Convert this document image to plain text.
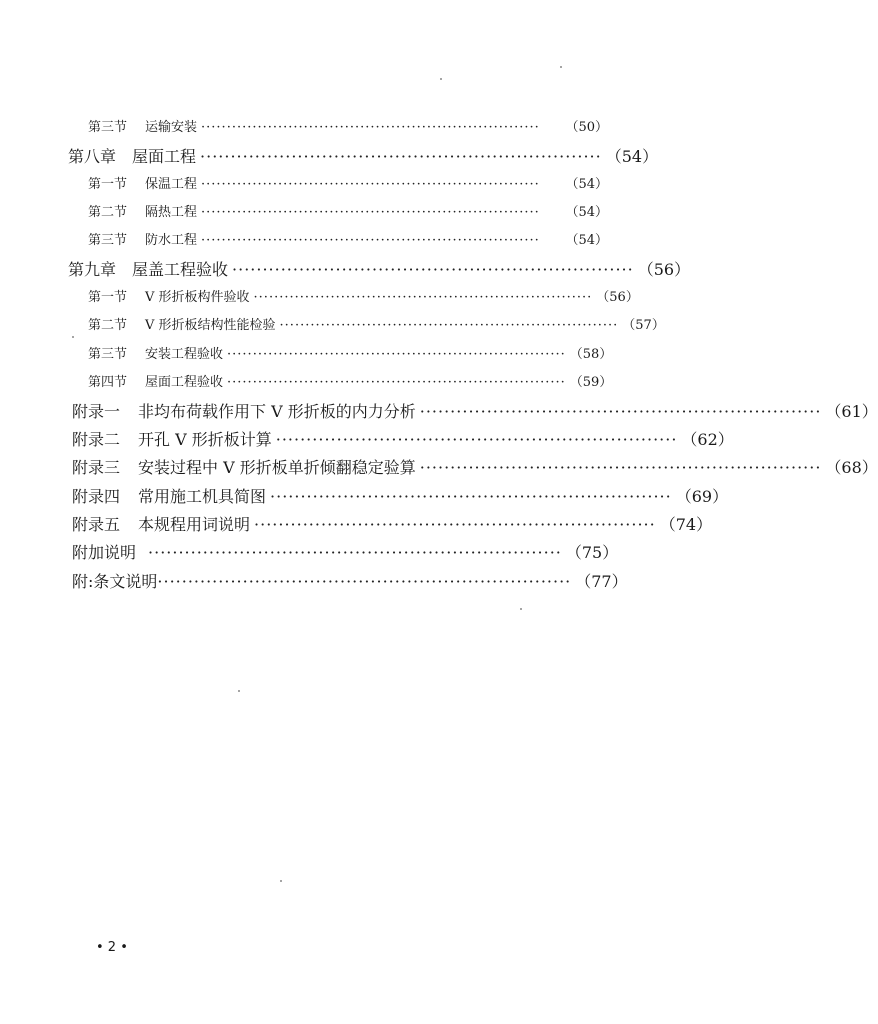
第三节 运输安装 ··································································	（50）
第八章 屋面工程 ·································································· （54）
第一节 保温工程 ··································································	（54）
第二节 隔热工程 ··································································	（54）
第三节 防水工程 ··································································	（54）
第九章 屋盖工程验收 ·································································· （56）
第一节 V 形折板构件验收 ·································································· （56）
第二节 V 形折板结构性能检验 ·································································· （57）
第三节 安装工程验收 ·································································· （58）
第四节 屋面工程验收 ·································································· （59）
附录一 非均布荷载作用下 V 形折板的内力分析 ·································································· （61）
附录二 开孔 V 形折板计算 ·································································· （62）
附录三 安装过程中 V 形折板单折倾翻稳定验算 ·································································· （68）
附录四 常用施工机具简图 ·································································· （69）
附录五 本规程用词说明 ·································································· （74）
附加说明 ···································································· （75）
附:条文说明 ···································································· （77）
• 2 •
